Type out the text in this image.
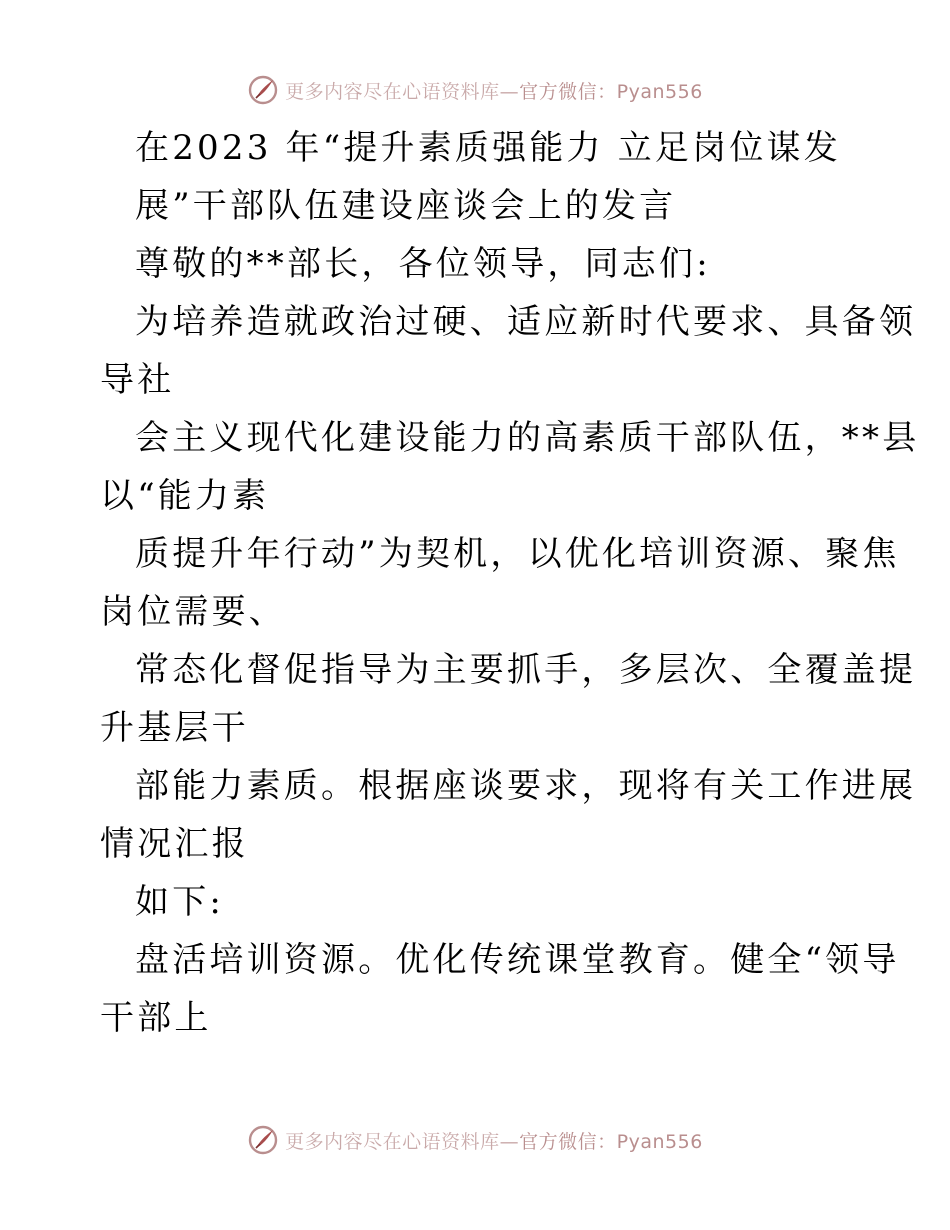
更多内容尽在心语资料库— 官方微信：Pyan556
在2023 年“提升素质强能力 立足岗位谋发
展”干部队伍建设座谈会上的发言
尊敬的**部长，各位领导，同志们:
为培养造就政治过硬、适应新时代要求、具备领
导社
会主义现代化建设能力的高素质干部队伍，**县
以“能力素
质提升年行动”为契机，以优化培训资源、聚焦
岗位需要、
常态化督促指导为主要抓手，多层次、全覆盖提
升基层干
部能力素质。根据座谈要求，现将有关工作进展
情况汇报
如下:
盘活培训资源。优化传统课堂教育。健全“领导
干部上
更多内容尽在心语资料库— 官方微信：Pyan556
